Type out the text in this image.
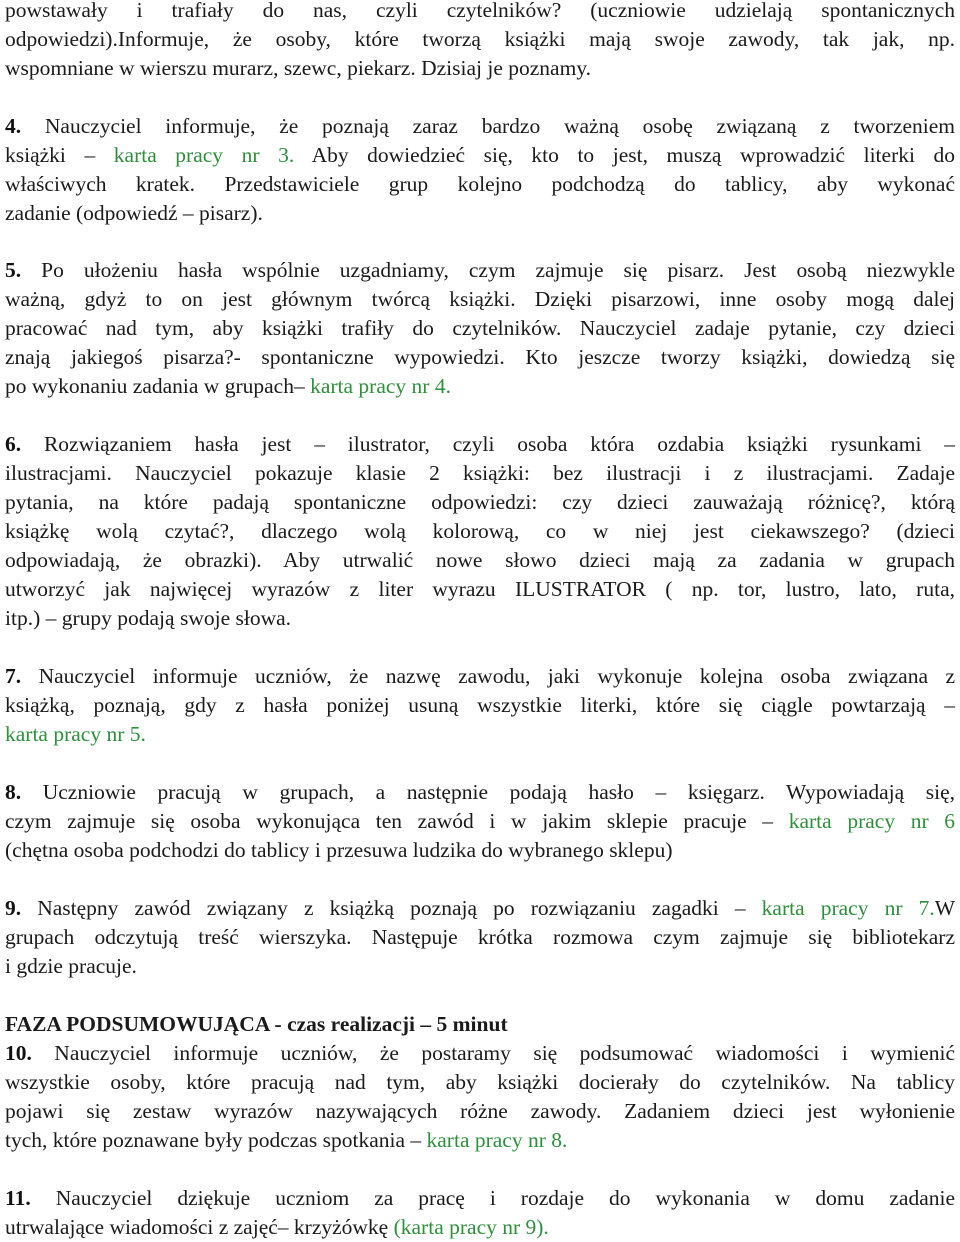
powstawały i trafiały do nas, czyli czytelników? (uczniowie udzielają spontanicznych
odpowiedzi).Informuje, że osoby, które tworzą książki mają swoje zawody, tak jak, np.
wspomniane w wierszu murarz, szewc, piekarz. Dzisiaj je poznamy.
4. Nauczyciel informuje, że poznają zaraz bardzo ważną osobę związaną z tworzeniem
książki – karta pracy nr 3. Aby dowiedzieć się, kto to jest, muszą wprowadzić literki do
właściwych kratek. Przedstawiciele grup kolejno podchodzą do tablicy, aby wykonać
zadanie (odpowiedź – pisarz).
5. Po ułożeniu hasła wspólnie uzgadniamy, czym zajmuje się pisarz. Jest osobą niezwykle
ważną, gdyż to on jest głównym twórcą książki. Dzięki pisarzowi, inne osoby mogą dalej
pracować nad tym, aby książki trafiły do czytelników. Nauczyciel zadaje pytanie, czy dzieci
znają jakiegoś pisarza?- spontaniczne wypowiedzi. Kto jeszcze tworzy książki, dowiedzą się
po wykonaniu zadania w grupach– karta pracy nr 4.
6. Rozwiązaniem hasła jest – ilustrator, czyli osoba która ozdabia książki rysunkami –
ilustracjami. Nauczyciel pokazuje klasie 2 książki: bez ilustracji i z ilustracjami. Zadaje
pytania, na które padają spontaniczne odpowiedzi: czy dzieci zauważają różnicę?, którą
książkę wolą czytać?, dlaczego wolą kolorową, co w niej jest ciekawszego? (dzieci
odpowiadają, że obrazki). Aby utrwalić nowe słowo dzieci mają za zadania w grupach
utworzyć jak najwięcej wyrazów z liter wyrazu ILUSTRATOR ( np. tor, lustro, lato, ruta,
itp.) – grupy podają swoje słowa.
7. Nauczyciel informuje uczniów, że nazwę zawodu, jaki wykonuje kolejna osoba związana z
książką, poznają, gdy z hasła poniżej usuną wszystkie literki, które się ciągle powtarzają –
karta pracy nr 5.
8. Uczniowie pracują w grupach, a następnie podają hasło – księgarz. Wypowiadają się,
czym zajmuje się osoba wykonująca ten zawód i w jakim sklepie pracuje – karta pracy nr 6
(chętna osoba podchodzi do tablicy i przesuwa ludzika do wybranego sklepu)
9. Następny zawód związany z książką poznają po rozwiązaniu zagadki – karta pracy nr 7.W
grupach odczytują treść wierszyka. Następuje krótka rozmowa czym zajmuje się bibliotekarz
i gdzie pracuje.
FAZA PODSUMOWUJĄCA - czas realizacji – 5 minut
10. Nauczyciel informuje uczniów, że postaramy się podsumować wiadomości i wymienić
wszystkie osoby, które pracują nad tym, aby książki docierały do czytelników. Na tablicy
pojawi się zestaw wyrazów nazywających różne zawody. Zadaniem dzieci jest wyłonienie
tych, które poznawane były podczas spotkania – karta pracy nr 8.
11. Nauczyciel dziękuje uczniom za pracę i rozdaje do wykonania w domu zadanie
utrwalające wiadomości z zajęć– krzyżówkę (karta pracy nr 9).
